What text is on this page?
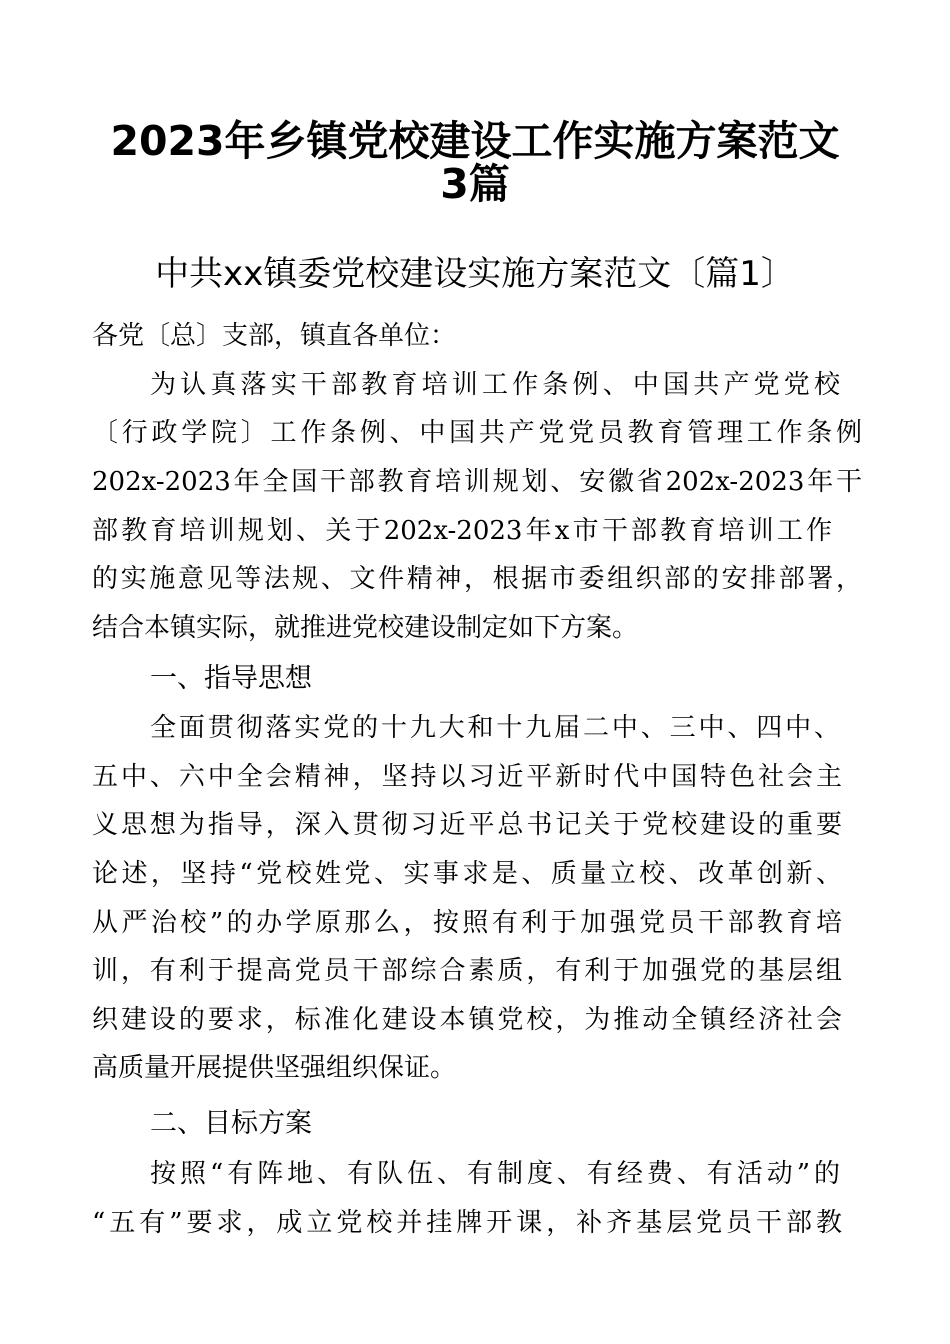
2023年乡镇党校建设工作实施方案范文
3篇
中共xx镇委党校建设实施方案范文〔篇1〕
各党〔总〕支部，镇直各单位：
为认真落实干部教育培训工作条例、中国共产党党校
〔行政学院〕工作条例、中国共产党党员教育管理工作条例
202x-2023年全国干部教育培训规划、安徽省202x-2023年干
部教育培训规划、关于202x-2023年x市干部教育培训工作
的实施意见等法规、文件精神，根据市委组织部的安排部署，
结合本镇实际，就推进党校建设制定如下方案。
一、指导思想
全面贯彻落实党的十九大和十九届二中、三中、四中、
五中、六中全会精神，坚持以习近平新时代中国特色社会主
义思想为指导，深入贯彻习近平总书记关于党校建设的重要
论述，坚持“党校姓党、实事求是、质量立校、改革创新、
从严治校”的办学原那么，按照有利于加强党员干部教育培
训，有利于提高党员干部综合素质，有利于加强党的基层组
织建设的要求，标准化建设本镇党校，为推动全镇经济社会
高质量开展提供坚强组织保证。
二、目标方案
按照“有阵地、有队伍、有制度、有经费、有活动”的
“五有”要求，成立党校并挂牌开课，补齐基层党员干部教
